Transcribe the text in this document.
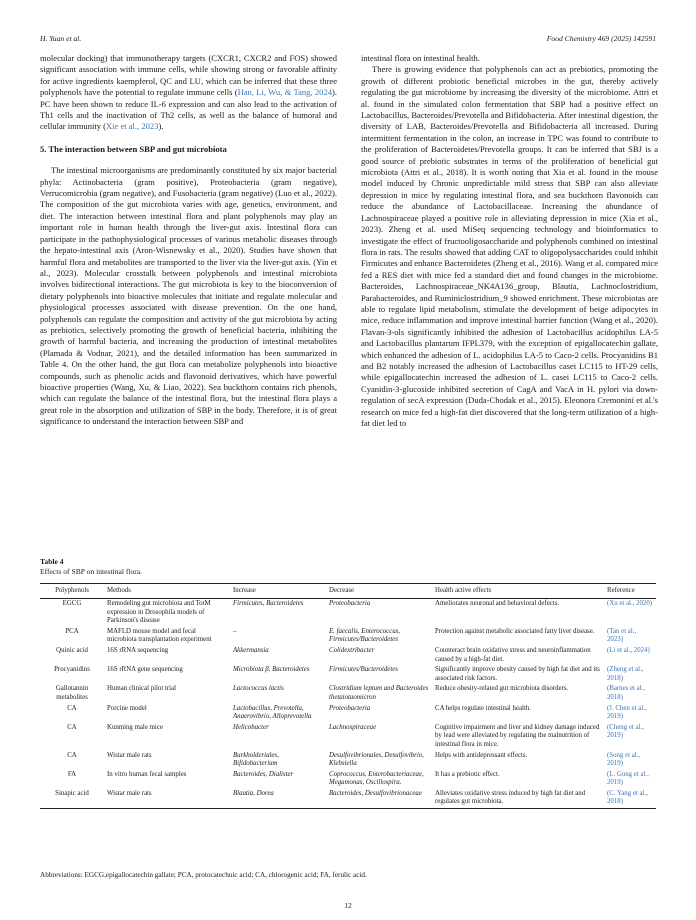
H. Yuan et al.	Food Chemistry 469 (2025) 142591

molecular docking) that immunotherapy targets (CXCR1, CXCR2 and FOS) showed significant association with immune cells, while showing strong or favorable affinity for active ingredients kaempferol, QC and LU, which can be inferred that these three polyphenols have the potential to regulate immune cells (Han, Li, Wu, & Tang, 2024). PC have been shown to reduce IL-6 expression and can also lead to the activation of Th1 cells and the inactivation of Th2 cells, as well as the balance of humoral and cellular immunity (Xie et al., 2023).

5. The interaction between SBP and gut microbiota

The intestinal microorganisms are predominantly constituted by six major bacterial phyla: Actinobacteria (gram positive), Proteobacteria (gram negative), Verrucomicrobia (gram negative), and Fusobacteria (gram negative) (Luo et al., 2022). The composition of the gut microbiota varies with age, genetics, environment, and diet. The interaction between intestinal flora and plant polyphenols may play an important role in human health through the liver-gut axis. Intestinal flora can participate in the pathophysiological processes of various metabolic diseases through the hepato-intestinal axis (Aron-Wisnewsky et al., 2020). Studies have shown that harmful flora and metabolites are transported to the liver via the liver-gut axis. (Yin et al., 2023). Molecular crosstalk between polyphenols and intestinal microbiota involves bidirectional interactions. The gut microbiota is key to the bioconversion of dietary polyphenols into bioactive molecules that initiate and regulate molecular and physiological processes associated with disease prevention. On the one hand, polyphenols can regulate the composition and activity of the gut microbiota by acting as prebiotics, selectively promoting the growth of beneficial bacteria, inhibiting the growth of harmful bacteria, and increasing the production of intestinal metabolites (Plamada & Vodnar, 2021), and the detailed information has been summarized in Table 4. On the other hand, the gut flora can metabolize polyphenols into bioactive compounds, such as phenolic acids and flavonoid derivatives, which have powerful bioactive properties (Wang, Xu, & Liao, 2022). Sea buckthorn contains rich phenols, which can regulate the balance of the intestinal flora, but the intestinal flora plays a great role in the absorption and utilization of SBP in the body. Therefore, it is of great significance to understand the interaction between SBP and

intestinal flora on intestinal health.

There is growing evidence that polyphenols can act as prebiotics, promoting the growth of different probiotic beneficial microbes in the gut, thereby actively regulating the gut microbiome by increasing the diversity of the microbiome. Attri et al. found in the simulated colon fermentation that SBP had a positive effect on Lactobacillus, Bacteroides/Prevotella and Bifidobacteria. After intestinal digestion, the diversity of LAB, Bacteroides/Prevotella and Bifidobacteria all increased. During intermittent fermentation in the colon, an increase in TPC was found to contribute to the proliferation of Bacteroidetes/Prevotella groups. It can be inferred that SBJ is a good source of prebiotic substrates in terms of the proliferation of beneficial gut microbiota (Attri et al., 2018). It is worth noting that Xia et al. found in the mouse model induced by Chronic unpredictable mild stress that SBP can also alleviate depression in mice by regulating intestinal flora, and sea buckthorn flavonoids can reduce the abundance of Lactobacillaceae. Increasing the abundance of Lachnospiraceae played a positive role in alleviating depression in mice (Xia et al., 2023). Zheng et al. used MiSeq sequencing technology and bioinformatics to investigate the effect of fructooligosaccharide and polyphenols combined on intestinal flora in rats. The results showed that adding CAT to oligopolysaccharides could inhibit Firmicutes and enhance Bacteroidetes (Zheng et al., 2016). Wang et al. compared mice fed a RES diet with mice fed a standard diet and found changes in the microbiome. Bacteroides, Lachnospiraceae_NK4A136_group, Blautia, Lachnoclostridium, Parabacteroides, and Ruminiclostridium_9 showed enrichment. These microbiotas are able to regulate lipid metabolism, stimulate the development of beige adipocytes in mice, reduce inflammation and improve intestinal barrier function (Wang et al., 2020). Flavan-3-ols significantly inhibited the adhesion of Lactobacillus acidophilus LA-5 and Lactobacillus plantarum IFPL379, with the exception of epigallocatechin gallate, which enhanced the adhesion of L. acidophilus LA-5 to Caco-2 cells. Procyanidins B1 and B2 notably increased the adhesion of Lactobacillus casei LC115 to HT-29 cells, while epigallocatechin increased the adhesion of L. casei LC115 to Caco-2 cells. Cyanidin-3-glucoside inhibited secretion of CagA and VacA in H. pylori via down-regulation of secA expression (Duda-Chodak et al., 2015). Eleonora Cremonini et al.'s research on mice fed a high-fat diet discovered that the long-term utilization of a high-fat diet led to

Table 4
Effects of SBP on intestinal flora.
Polyphenols	Methods	Increase	Decrease	Health active effects	Reference
EGCG	Remodeling gut microbiota and TotM expression in Drosophila models of Parkinson's disease	Firmicutes, Bacteroidetes	Proteobacteria	Ameliorates neuronal and behavioral defects.	(Xu et al., 2020)
PCA	MAFLD mouse model and fecal microbiota transplantation experiment	–	E. faecalis, Enterococcus, Firmicutes/Bacteroidetes	Protection against metabolic associated fatty liver disease.	(Tan et al., 2023)
Quinic acid	16S rRNA sequencing	Akkermansia	Colidextribacter	Counteract brain oxidative stress and neuroinflammation caused by a high-fat diet.	(Li et al., 2024)
Procyanidins	16S rRNA gene sequencing	Microbiota β, Bacteroidetes	Firmicutes/Bacteroidetes	Significantly improve obesity caused by high fat diet and its associated risk factors.	(Zheng et al., 2018)
Gallotannin metabolites	Human clinical pilot trial	Lactococcus lactis	Clostridium leptum and Bacteroides thetaiotaomicron	Reduce obesity-related gut microbiota disorders.	(Barnes et al., 2018)
CA	Porcine model	Lactobacillus, Prevotella, Anaerovibrio, Alloprevotella	Proteobacteria	CA helps regulate intestinal health.	(J. Chen et al., 2019)
CA	Kunming male mice	Helicobacter	Lachnospiraceae	Cognitive impairment and liver and kidney damage induced by lead were alleviated by regulating the malnutrition of intestinal flora in mice.	(Cheng et al., 2019)
CA	Wistar male rats	Burkholderiales, Bifidobacterium	Desulfovibrionales, Desulfovibrio, Klebsiella	Helps with antidepressant effects.	(Song et al., 2019)
FA	In vitro human fecal samples	Bacteroides, Dialister	Coprococcus, Enterobacteriaceae, Megamonas, Oscillospira.	It has a prebiotic effect.	(L. Gong et al., 2019)
Sinapic acid	Wistar male rats	Blautia, Dorea	Bacteroides, Desulfovibrionaceae	Alleviates oxidative stress induced by high fat diet and regulates gut microbiota.	(C. Yang et al., 2018)
Abbreviations: EGCG,epigallocatechin gallate; PCA, protocatechuic acid; CA, chlorogenic acid; FA, ferulic acid.
12
